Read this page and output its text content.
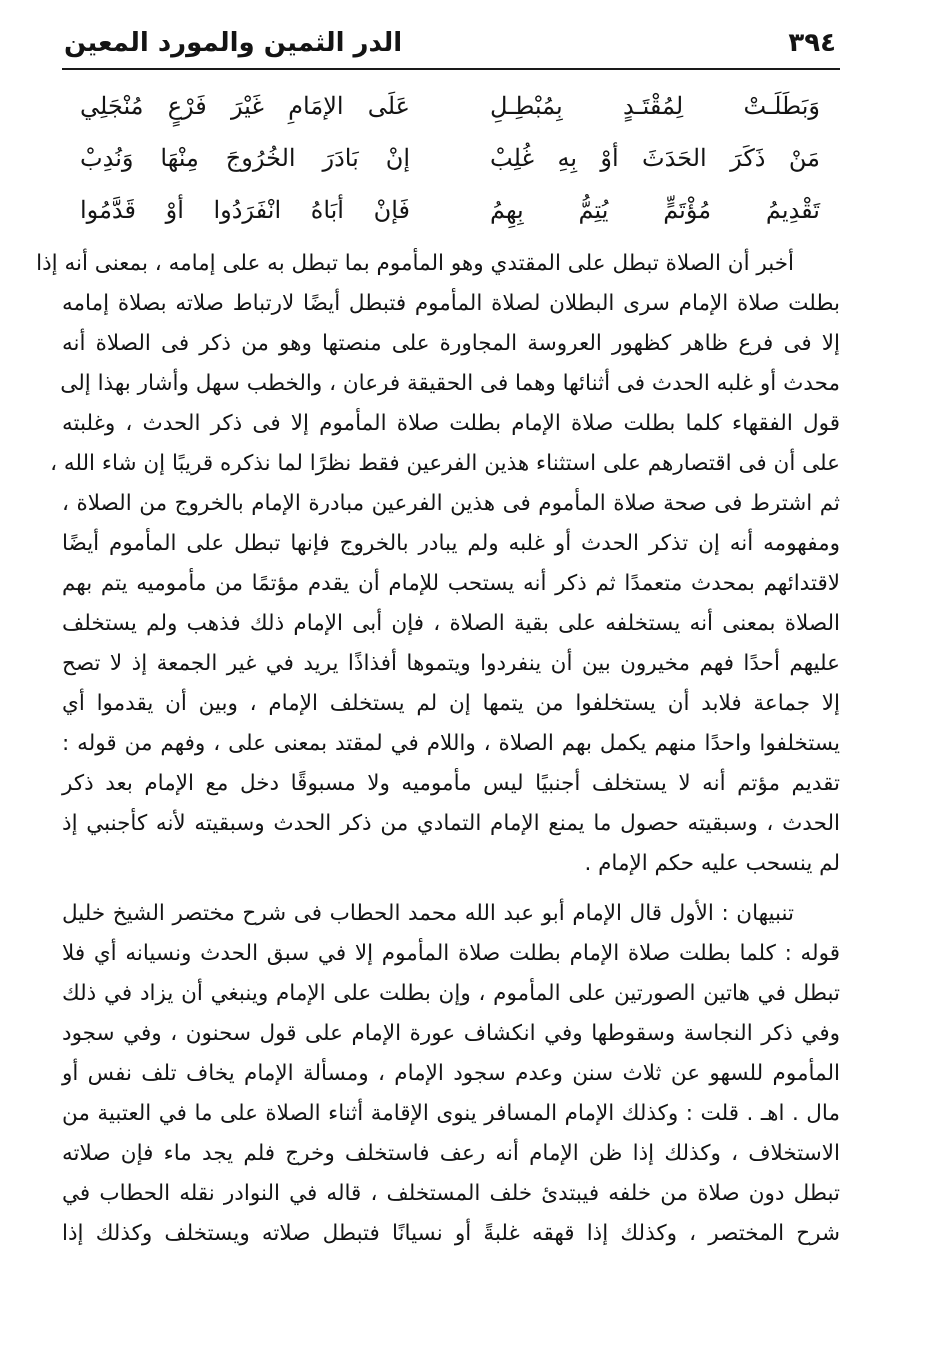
٣٩٤
الدر الثمين والمورد المعين
وَبَطَلَـتْ لِمُقْتَـدٍ بِمُبْطِـلِ
عَلَى الإمَامِ غَيْرَ فَرْعٍ مُنْجَلِي
مَنْ ذَكَرَ الحَدَثَ أوْ بِهِ غُلِبْ
إنْ بَادَرَ الخُرُوجَ مِنْهَا وَنُدِبْ
تَقْدِيمُ مُؤْتَمٍّ يُتِمُّ بِهِمُ
فَإنْ أبَاهُ انْفَرَدُوا أوْ قَدَّمُوا
أخبر أن الصلاة تبطل على المقتدي وهو المأموم بما تبطل به على إمامه ، بمعنى أنه إذا
بطلت صلاة الإمام سرى البطلان لصلاة المأموم فتبطل أيضًا لارتباط صلاته بصلاة إمامه
إلا فى فرع ظاهر كظهور العروسة المجاورة على منصتها وهو من ذكر فى الصلاة أنه
محدث أو غلبه الحدث فى أثنائها وهما فى الحقيقة فرعان ، والخطب سهل وأشار بهذا إلى
قول الفقهاء كلما بطلت صلاة الإمام بطلت صلاة المأموم إلا فى ذكر الحدث ، وغلبته
على أن فى اقتصارهم على استثناء هذين الفرعين فقط نظرًا لما نذكره قريبًا إن شاء الله ،
ثم اشترط فى صحة صلاة المأموم فى هذين الفرعين مبادرة الإمام بالخروج من الصلاة ،
ومفهومه أنه إن تذكر الحدث أو غلبه ولم يبادر بالخروج فإنها تبطل على المأموم أيضًا
لاقتدائهم بمحدث متعمدًا ثم ذكر أنه يستحب للإمام أن يقدم مؤتمًا من مأموميه يتم بهم
الصلاة بمعنى أنه يستخلفه على بقية الصلاة ، فإن أبى الإمام ذلك فذهب ولم يستخلف
عليهم أحدًا فهم مخيرون بين أن ينفردوا ويتموها أفذاذًا يريد في غير الجمعة إذ لا تصح
إلا جماعة فلابد أن يستخلفوا من يتمها إن لم يستخلف الإمام ، وبين أن يقدموا أي
يستخلفوا واحدًا منهم يكمل بهم الصلاة ، واللام في لمقتد بمعنى على ، وفهم من قوله :
تقديم مؤتم أنه لا يستخلف أجنبيًا ليس مأموميه ولا مسبوقًا دخل مع الإمام بعد ذكر
الحدث ، وسبقيته حصول ما يمنع الإمام التمادي من ذكر الحدث وسبقيته لأنه كأجنبي إذ
لم ينسحب عليه حكم الإمام .
تنبيهان : الأول قال الإمام أبو عبد الله محمد الحطاب فى شرح مختصر الشيخ خليل
قوله : كلما بطلت صلاة الإمام بطلت صلاة المأموم إلا في سبق الحدث ونسيانه أي فلا
تبطل في هاتين الصورتين على المأموم ، وإن بطلت على الإمام وينبغي أن يزاد في ذلك
وفي ذكر النجاسة وسقوطها وفي انكشاف عورة الإمام على قول سحنون ، وفي سجود
المأموم للسهو عن ثلاث سنن وعدم سجود الإمام ، ومسألة الإمام يخاف تلف نفس أو
مال . اهـ . قلت : وكذلك الإمام المسافر ينوى الإقامة أثناء الصلاة على ما في العتبية من
الاستخلاف ، وكذلك إذا ظن الإمام أنه رعف فاستخلف وخرج فلم يجد ماء فإن صلاته
تبطل دون صلاة من خلفه فيبتدئ خلف المستخلف ، قاله في النوادر نقله الحطاب في
شرح المختصر ، وكذلك إذا قهقه غلبةً أو نسيانًا فتبطل صلاته ويستخلف وكذلك إذا
